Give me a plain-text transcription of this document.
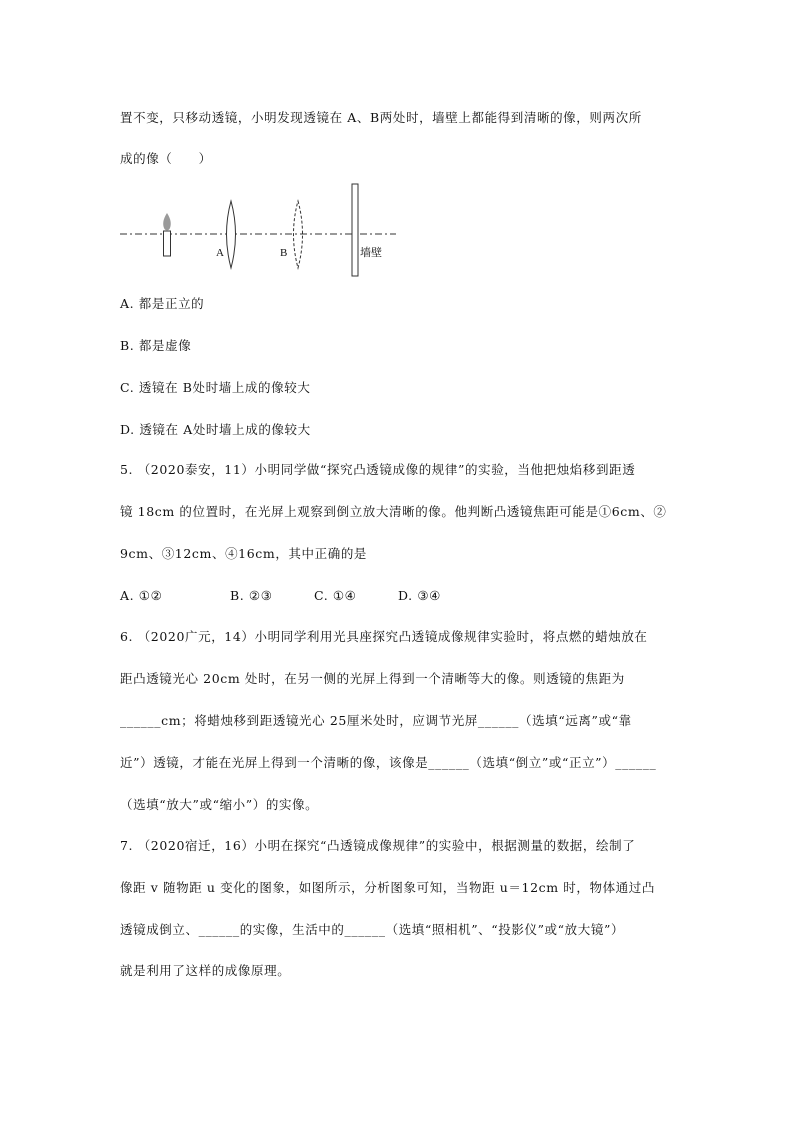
置不变，只移动透镜，小明发现透镜在 A、B两处时，墙壁上都能得到清晰的像，则两次所
成的像（　　）
A	B	墙壁
A. 都是正立的
B. 都是虚像
C. 透镜在 B处时墙上成的像较大
D. 透镜在 A处时墙上成的像较大
5. （2020泰安，11）小明同学做“探究凸透镜成像的规律”的实验，当他把烛焰移到距透
镜 18cm 的位置时，在光屏上观察到倒立放大清晰的像。他判断凸透镜焦距可能是①6cm、②
9cm、③12cm、④16cm，其中正确的是
A. ①②	B. ②③	C. ①④	D. ③④
6. （2020广元，14）小明同学利用光具座探究凸透镜成像规律实验时，将点燃的蜡烛放在
距凸透镜光心 20cm 处时，在另一侧的光屏上得到一个清晰等大的像。则透镜的焦距为
______cm；将蜡烛移到距透镜光心 25厘米处时，应调节光屏______（选填“远离”或“靠
近”）透镜，才能在光屏上得到一个清晰的像，该像是______（选填“倒立”或“正立”）______
（选填“放大”或“缩小”）的实像。
7. （2020宿迁，16）小明在探究“凸透镜成像规律”的实验中，根据测量的数据，绘制了
像距 v 随物距 u 变化的图象，如图所示，分析图象可知，当物距 u＝12cm 时，物体通过凸
透镜成倒立、______的实像，生活中的______（选填“照相机”、“投影仪”或“放大镜”）
就是利用了这样的成像原理。
